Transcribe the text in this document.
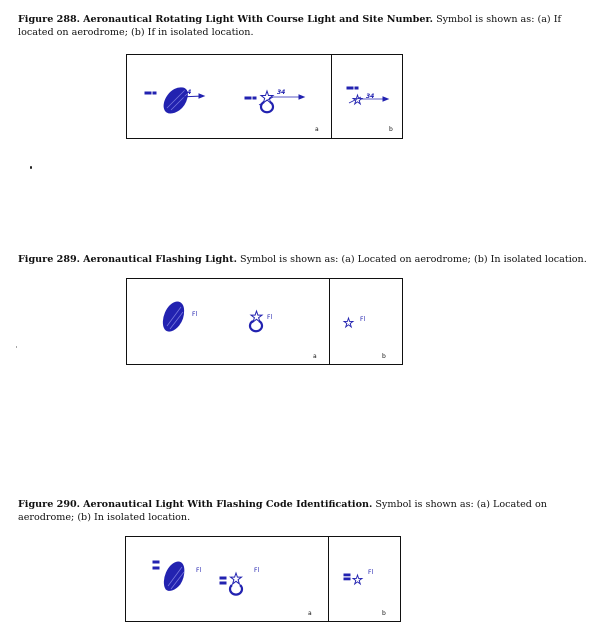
Figure 288. Aeronautical Rotating Light With Course Light and Site Number. Symbol is shown as: (a) If located on aerodrome; (b) If in isolated location.
34	34
a
34
b
Figure 289. Aeronautical Flashing Light. Symbol is shown as: (a) Located on aerodrome; (b) In isolated location.
Fl	Fl
a
Fl
b
Figure 290. Aeronautical Light With Flashing Code Identification. Symbol is shown as: (a) Located on aerodrome; (b) In isolated location.
Fl	Fl
a
Fl
b
